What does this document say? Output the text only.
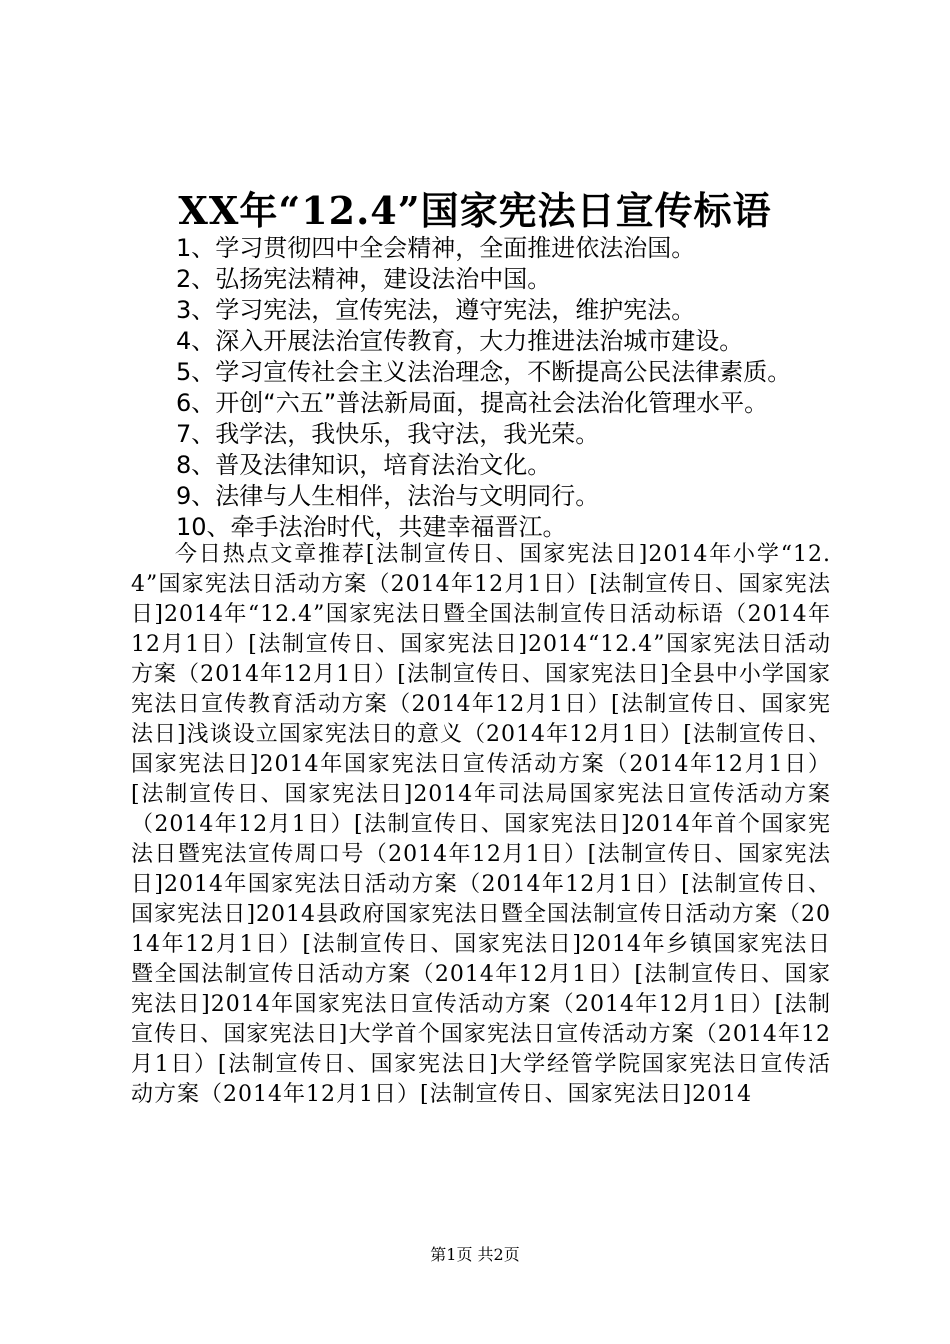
XX年“12.4”国家宪法日宣传标语
1、学习贯彻四中全会精神，全面推进依法治国。
2、弘扬宪法精神，建设法治中国。
3、学习宪法，宣传宪法，遵守宪法，维护宪法。
4、深入开展法治宣传教育，大力推进法治城市建设。
5、学习宣传社会主义法治理念，不断提高公民法律素质。
6、开创“六五”普法新局面，提高社会法治化管理水平。
7、我学法，我快乐，我守法，我光荣。
8、普及法律知识，培育法治文化。
9、法律与人生相伴，法治与文明同行。
10、牵手法治时代，共建幸福晋江。

今日热点文章推荐[法制宣传日、国家宪法日]2014年小学“12.4”国家宪法日活动方案（2014年12月1日）[法制宣传日、国家宪法日]2014年“12.4”国家宪法日暨全国法制宣传日活动标语（2014年12月1日）[法制宣传日、国家宪法日]2014“12.4”国家宪法日活动方案（2014年12月1日）[法制宣传日、国家宪法日]全县中小学国家宪法日宣传教育活动方案（2014年12月1日）[法制宣传日、国家宪法日]浅谈设立国家宪法日的意义（2014年12月1日）[法制宣传日、国家宪法日]2014年国家宪法日宣传活动方案（2014年12月1日）[法制宣传日、国家宪法日]2014年司法局国家宪法日宣传活动方案（2014年12月1日）[法制宣传日、国家宪法日]2014年首个国家宪法日暨宪法宣传周口号（2014年12月1日）[法制宣传日、国家宪法日]2014年国家宪法日活动方案（2014年12月1日）[法制宣传日、国家宪法日]2014县政府国家宪法日暨全国法制宣传日活动方案（2014年12月1日）[法制宣传日、国家宪法日]2014年乡镇国家宪法日暨全国法制宣传日活动方案（2014年12月1日）[法制宣传日、国家宪法日]2014年国家宪法日宣传活动方案（2014年12月1日）[法制宣传日、国家宪法日]大学首个国家宪法日宣传活动方案（2014年12月1日）[法制宣传日、国家宪法日]大学经管学院国家宪法日宣传活动方案（2014年12月1日）[法制宣传日、国家宪法日]2014

第1页 共2页
